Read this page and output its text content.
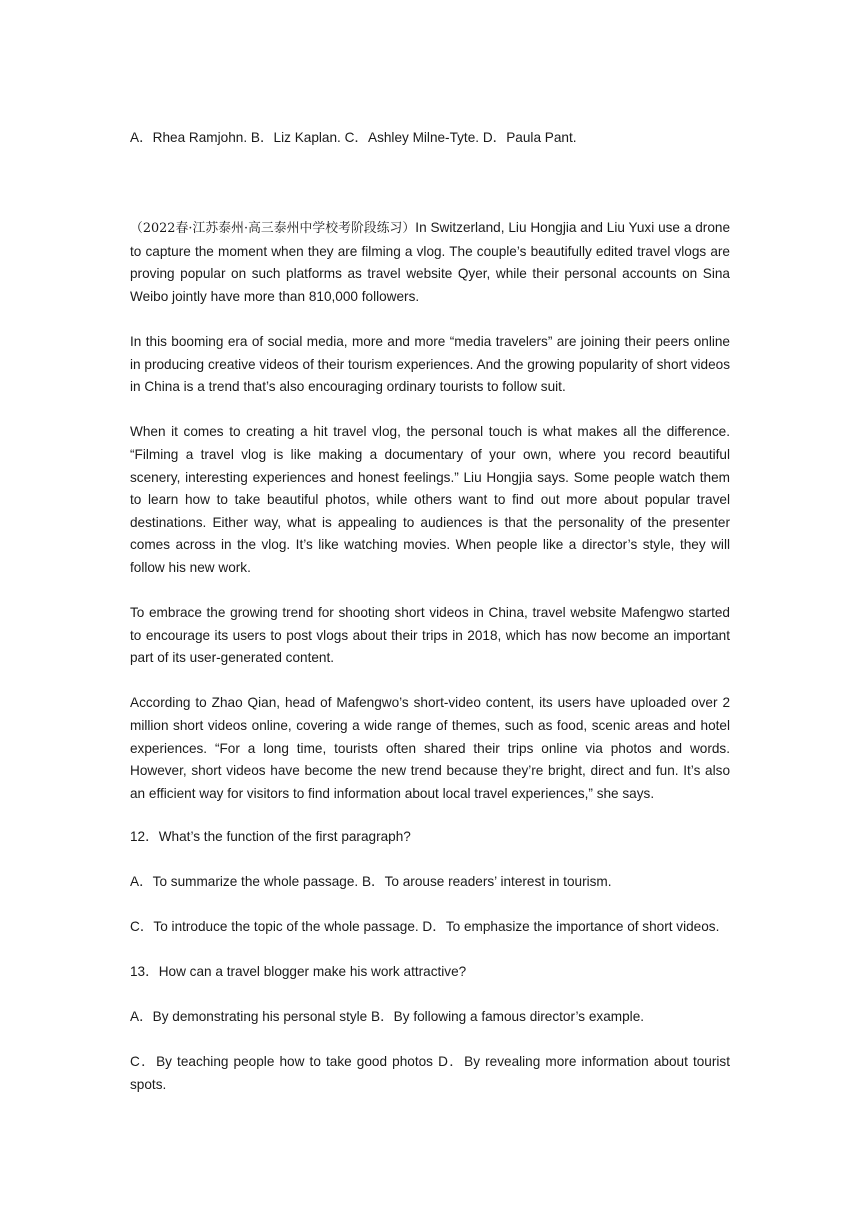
A．Rhea Ramjohn. B．Liz Kaplan. C．Ashley Milne-Tyte. D．Paula Pant.

（2022春·江苏泰州·高三泰州中学校考阶段练习）In Switzerland, Liu Hongjia and Liu Yuxi use a drone to capture the moment when they are filming a vlog. The couple’s beautifully edited travel vlogs are proving popular on such platforms as travel website Qyer, while their personal accounts on Sina Weibo jointly have more than 810,000 followers.

In this booming era of social media, more and more “media travelers” are joining their peers online in producing creative videos of their tourism experiences. And the growing popularity of short videos in China is a trend that’s also encouraging ordinary tourists to follow suit.

When it comes to creating a hit travel vlog, the personal touch is what makes all the difference. “Filming a travel vlog is like making a documentary of your own, where you record beautiful scenery, interesting experiences and honest feelings.” Liu Hongjia says. Some people watch them to learn how to take beautiful photos, while others want to find out more about popular travel destinations. Either way, what is appealing to audiences is that the personality of the presenter comes across in the vlog. It’s like watching movies. When people like a director’s style, they will follow his new work.

To embrace the growing trend for shooting short videos in China, travel website Mafengwo started to encourage its users to post vlogs about their trips in 2018, which has now become an important part of its user-generated content.

According to Zhao Qian, head of Mafengwo’s short-video content, its users have uploaded over 2 million short videos online, covering a wide range of themes, such as food, scenic areas and hotel experiences. “For a long time, tourists often shared their trips online via photos and words. However, short videos have become the new trend because they’re bright, direct and fun. It’s also an efficient way for visitors to find information about local travel experiences,” she says.

12．What’s the function of the first paragraph?
A．To summarize the whole passage. B．To arouse readers’ interest in tourism.
C．To introduce the topic of the whole passage. D．To emphasize the importance of short videos.
13．How can a travel blogger make his work attractive?
A．By demonstrating his personal style B．By following a famous director’s example.

C．By teaching people how to take good photos D．By revealing more information about tourist spots.
